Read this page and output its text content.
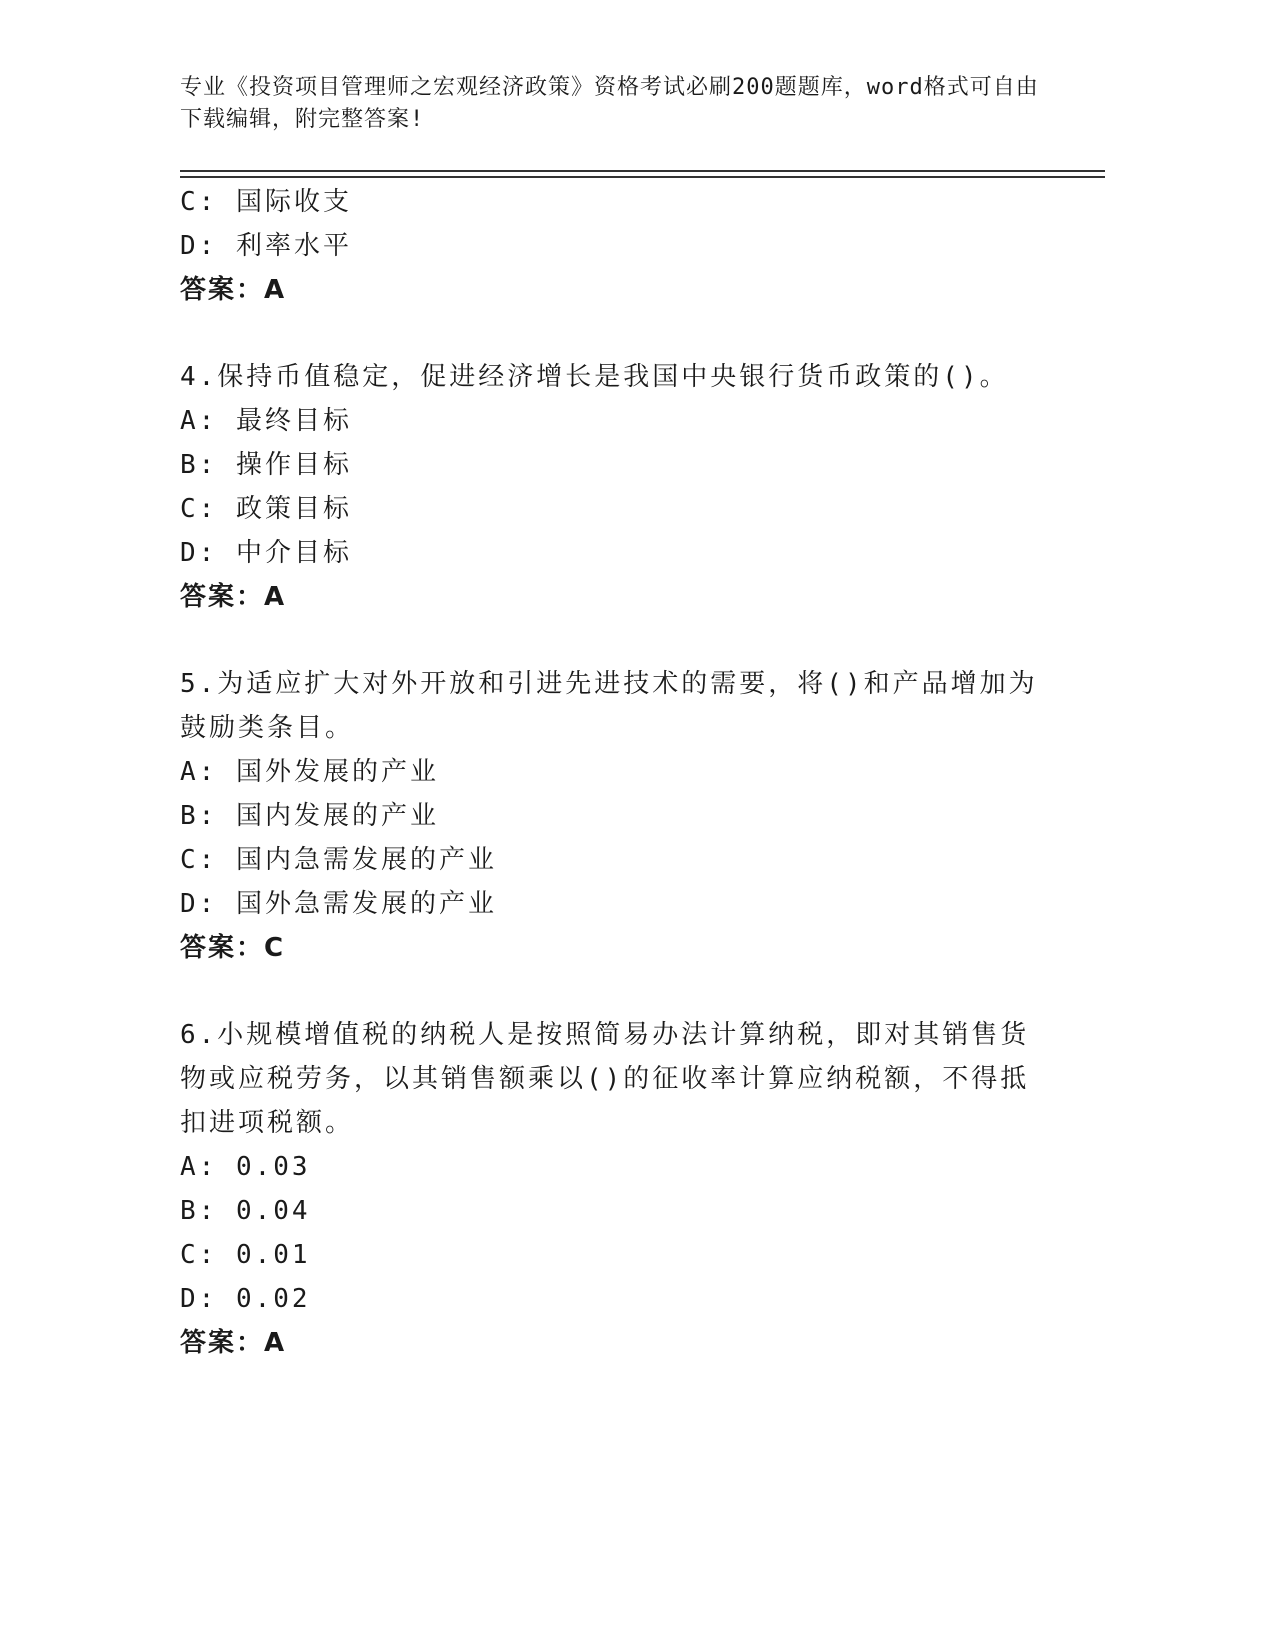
专业《投资项目管理师之宏观经济政策》资格考试必刷200题题库，word格式可自由下载编辑，附完整答案!
C: 国际收支
D: 利率水平
答案：A
4.保持币值稳定，促进经济增长是我国中央银行货币政策的()。
A: 最终目标
B: 操作目标
C: 政策目标
D: 中介目标
答案：A
5.为适应扩大对外开放和引进先进技术的需要，将()和产品增加为鼓励类条目。
A: 国外发展的产业
B: 国内发展的产业
C: 国内急需发展的产业
D: 国外急需发展的产业
答案：C
6.小规模增值税的纳税人是按照简易办法计算纳税，即对其销售货物或应税劳务，以其销售额乘以()的征收率计算应纳税额，不得抵扣进项税额。
A: 0.03
B: 0.04
C: 0.01
D: 0.02
答案：A
